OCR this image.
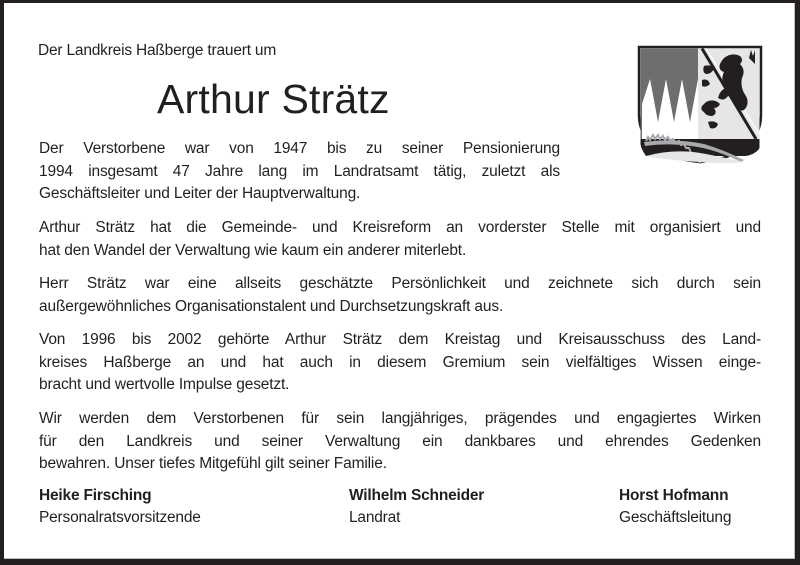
Der Landkreis Haßberge trauert um
Arthur Strätz
Der Verstorbene war von 1947 bis zu seiner Pensionierung
1994 insgesamt 47 Jahre lang im Landratsamt tätig, zuletzt als
Geschäftsleiter und Leiter der Hauptverwaltung.
Arthur Strätz hat die Gemeinde- und Kreisreform an vorderster Stelle mit organisiert und
hat den Wandel der Verwaltung wie kaum ein anderer miterlebt.
Herr Strätz war eine allseits geschätzte Persönlichkeit und zeichnete sich durch sein
außergewöhnliches Organisationstalent und Durchsetzungskraft aus.
Von 1996 bis 2002 gehörte Arthur Strätz dem Kreistag und Kreisausschuss des Land-
kreises Haßberge an und hat auch in diesem Gremium sein vielfältiges Wissen einge-
bracht und wertvolle Impulse gesetzt.
Wir werden dem Verstorbenen für sein langjähriges, prägendes und engagiertes Wirken
für den Landkreis und seiner Verwaltung ein dankbares und ehrendes Gedenken
bewahren. Unser tiefes Mitgefühl gilt seiner Familie.
Heike Firsching
Personalratsvorsitzende
Wilhelm Schneider
Landrat
Horst Hofmann
Geschäftsleitung
